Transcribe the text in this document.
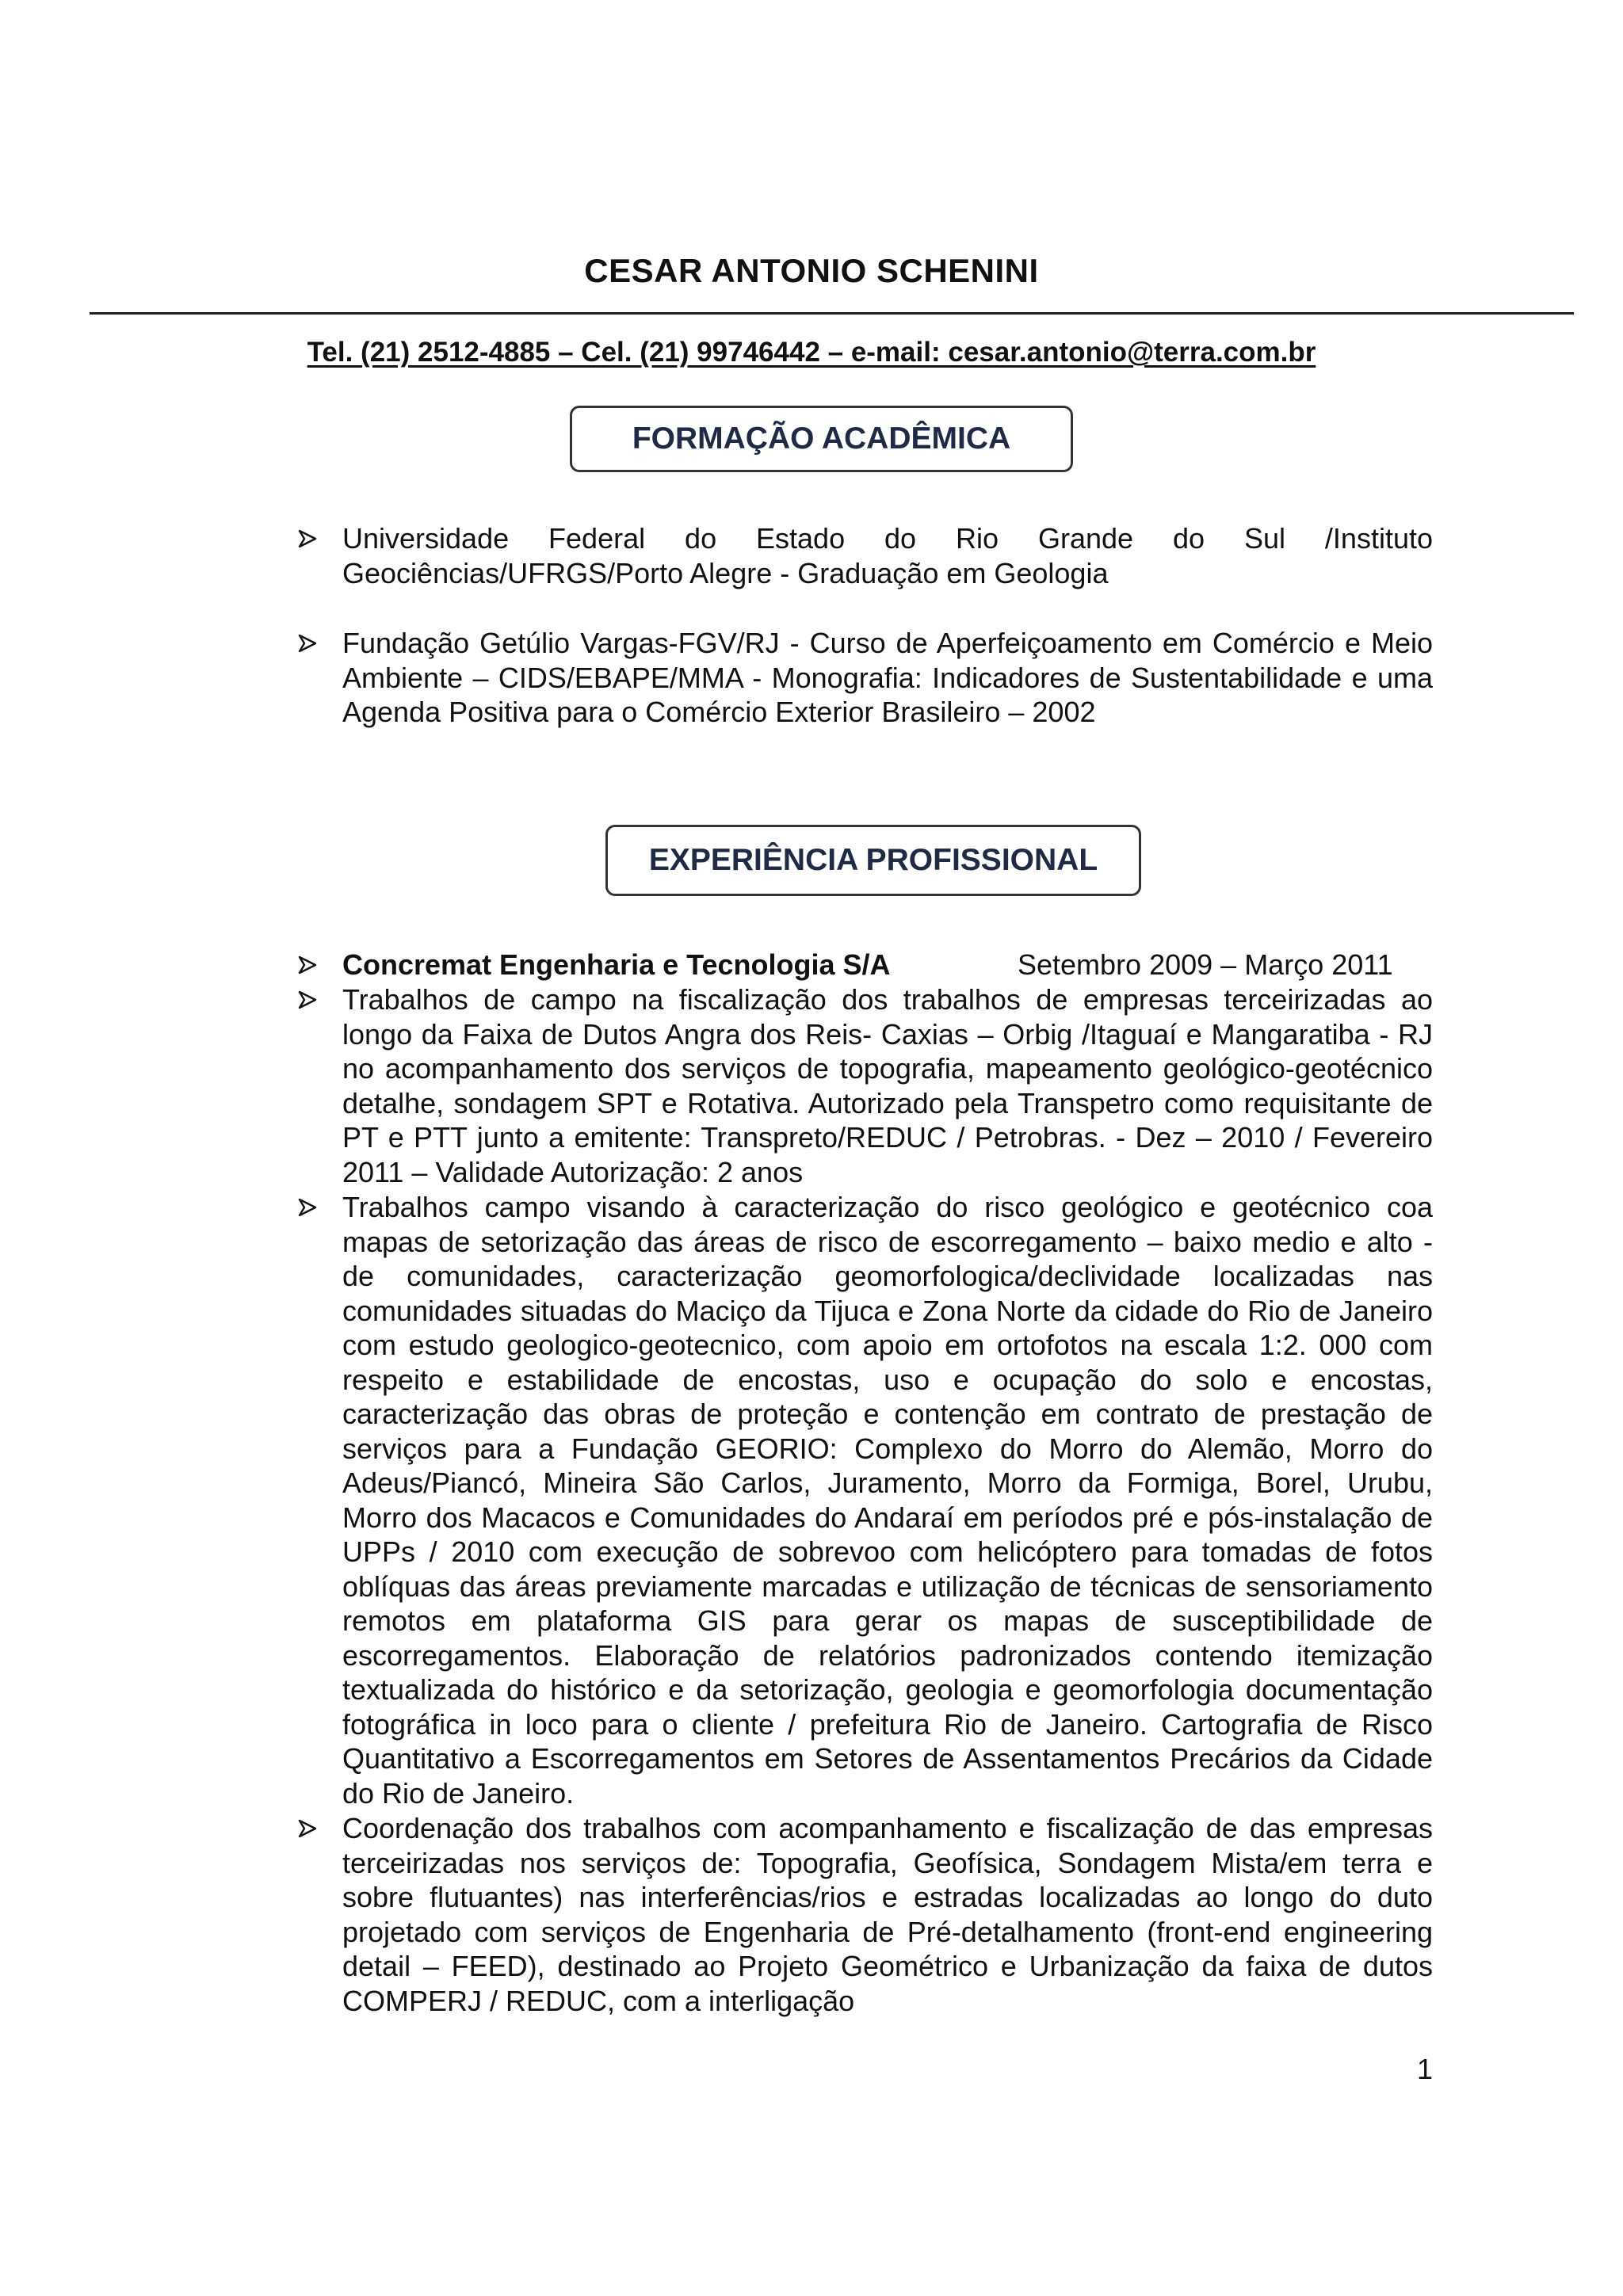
CESAR ANTONIO SCHENINI
Tel. (21) 2512-4885 – Cel. (21) 99746442 – e-mail: cesar.antonio@terra.com.br
FORMAÇÃO ACADÊMICA
Universidade Federal do Estado do Rio Grande do Sul /Instituto Geociências/UFRGS/Porto Alegre - Graduação em Geologia
Fundação Getúlio Vargas-FGV/RJ - Curso de Aperfeiçoamento em Comércio e Meio Ambiente – CIDS/EBAPE/MMA - Monografia: Indicadores de Sustentabilidade e uma Agenda Positiva para o Comércio Exterior Brasileiro – 2002
EXPERIÊNCIA PROFISSIONAL
Concremat Engenharia e Tecnologia S/A	Setembro 2009 – Março 2011
Trabalhos de campo na fiscalização dos trabalhos de empresas terceirizadas ao longo da Faixa de Dutos Angra dos Reis- Caxias – Orbig /Itaguaí e Mangaratiba - RJ no acompanhamento dos serviços de topografia, mapeamento geológico-geotécnico detalhe, sondagem SPT e Rotativa. Autorizado pela Transpetro como requisitante de PT e PTT junto a emitente: Transpreto/REDUC / Petrobras. - Dez – 2010 / Fevereiro 2011 – Validade Autorização: 2 anos
Trabalhos campo visando à caracterização do risco geológico e geotécnico coa mapas de setorização das áreas de risco de escorregamento – baixo medio e alto - de comunidades, caracterização geomorfologica/declividade localizadas nas comunidades situadas do Maciço da Tijuca e Zona Norte da cidade do Rio de Janeiro com estudo geologico-geotecnico, com apoio em ortofotos na escala 1:2. 000 com respeito e estabilidade de encostas, uso e ocupação do solo e encostas, caracterização das obras de proteção e contenção em contrato de prestação de serviços para a Fundação GEORIO: Complexo do Morro do Alemão, Morro do Adeus/Piancó, Mineira São Carlos, Juramento, Morro da Formiga, Borel, Urubu, Morro dos Macacos e Comunidades do Andaraí em períodos pré e pós-instalação de UPPs / 2010 com execução de sobrevoo com helicóptero para tomadas de fotos oblíquas das áreas previamente marcadas e utilização de técnicas de sensoriamento remotos em plataforma GIS para gerar os mapas de susceptibilidade de escorregamentos. Elaboração de relatórios padronizados contendo itemização textualizada do histórico e da setorização, geologia e geomorfologia documentação fotográfica in loco para o cliente / prefeitura Rio de Janeiro. Cartografia de Risco Quantitativo a Escorregamentos em Setores de Assentamentos Precários da Cidade do Rio de Janeiro.
Coordenação dos trabalhos com acompanhamento e fiscalização de das empresas terceirizadas nos serviços de: Topografia, Geofísica, Sondagem Mista/em terra e sobre flutuantes) nas interferências/rios e estradas localizadas ao longo do duto projetado com serviços de Engenharia de Pré-detalhamento (front-end engineering detail – FEED), destinado ao Projeto Geométrico e Urbanização da faixa de dutos COMPERJ / REDUC, com a interligação
1
